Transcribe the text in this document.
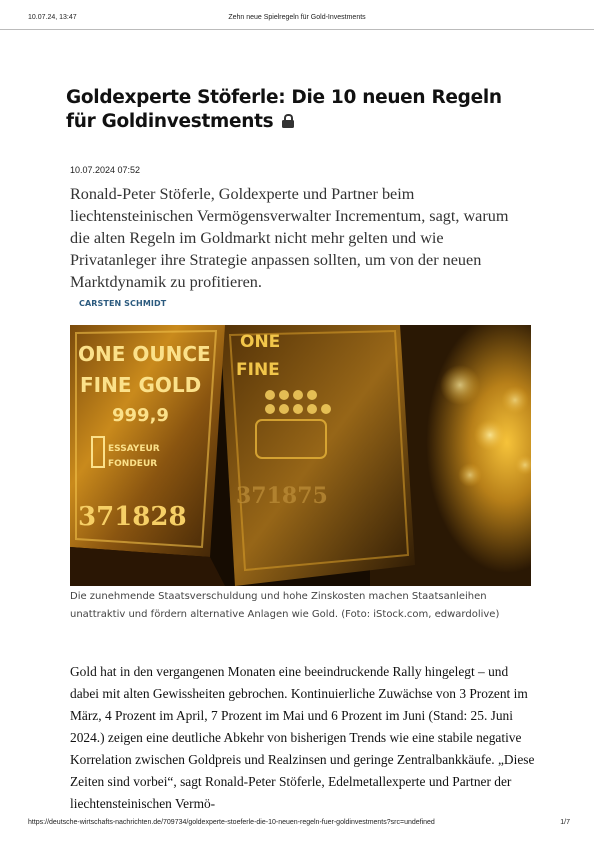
10.07.24, 13:47	Zehn neue Spielregeln für Gold-Investments
Goldexperte Stöferle: Die 10 neuen Regeln für Goldinvestments
10.07.2024 07:52

Ronald-Peter Stöferle, Goldexperte und Partner beim liechtensteinischen Vermögensverwalter Incrementum, sagt, warum die alten Regeln im Goldmarkt nicht mehr gelten und wie Privatanleger ihre Strategie anpassen sollten, um von der neuen Marktdynamik zu profitieren.

CARSTEN SCHMIDT
ONE
FINE
371875
ONE OUNCE
FINE GOLD
999,9
ESSAYEUR
FONDEUR
371828

Die zunehmende Staatsverschuldung und hohe Zinskosten machen Staatsanleihen unattraktiv und fördern alternative Anlagen wie Gold. (Foto: iStock.com, edwardolive)

Gold hat in den vergangenen Monaten eine beeindruckende Rally hingelegt – und dabei mit alten Gewissheiten gebrochen. Kontinuierliche Zuwächse von 3 Prozent im März, 4 Prozent im April, 7 Prozent im Mai und 6 Prozent im Juni (Stand: 25. Juni 2024.) zeigen eine deutliche Abkehr von bisherigen Trends wie eine stabile negative Korrelation zwischen Goldpreis und Realzinsen und geringe Zentralbankkäufe. „Diese Zeiten sind vorbei“, sagt Ronald-Peter Stöferle, Edelmetallexperte und Partner der liechtensteinischen Vermö-

https://deutsche-wirtschafts-nachrichten.de/709734/goldexperte-stoeferle-die-10-neuen-regeln-fuer-goldinvestments?src=undefined	1/7
